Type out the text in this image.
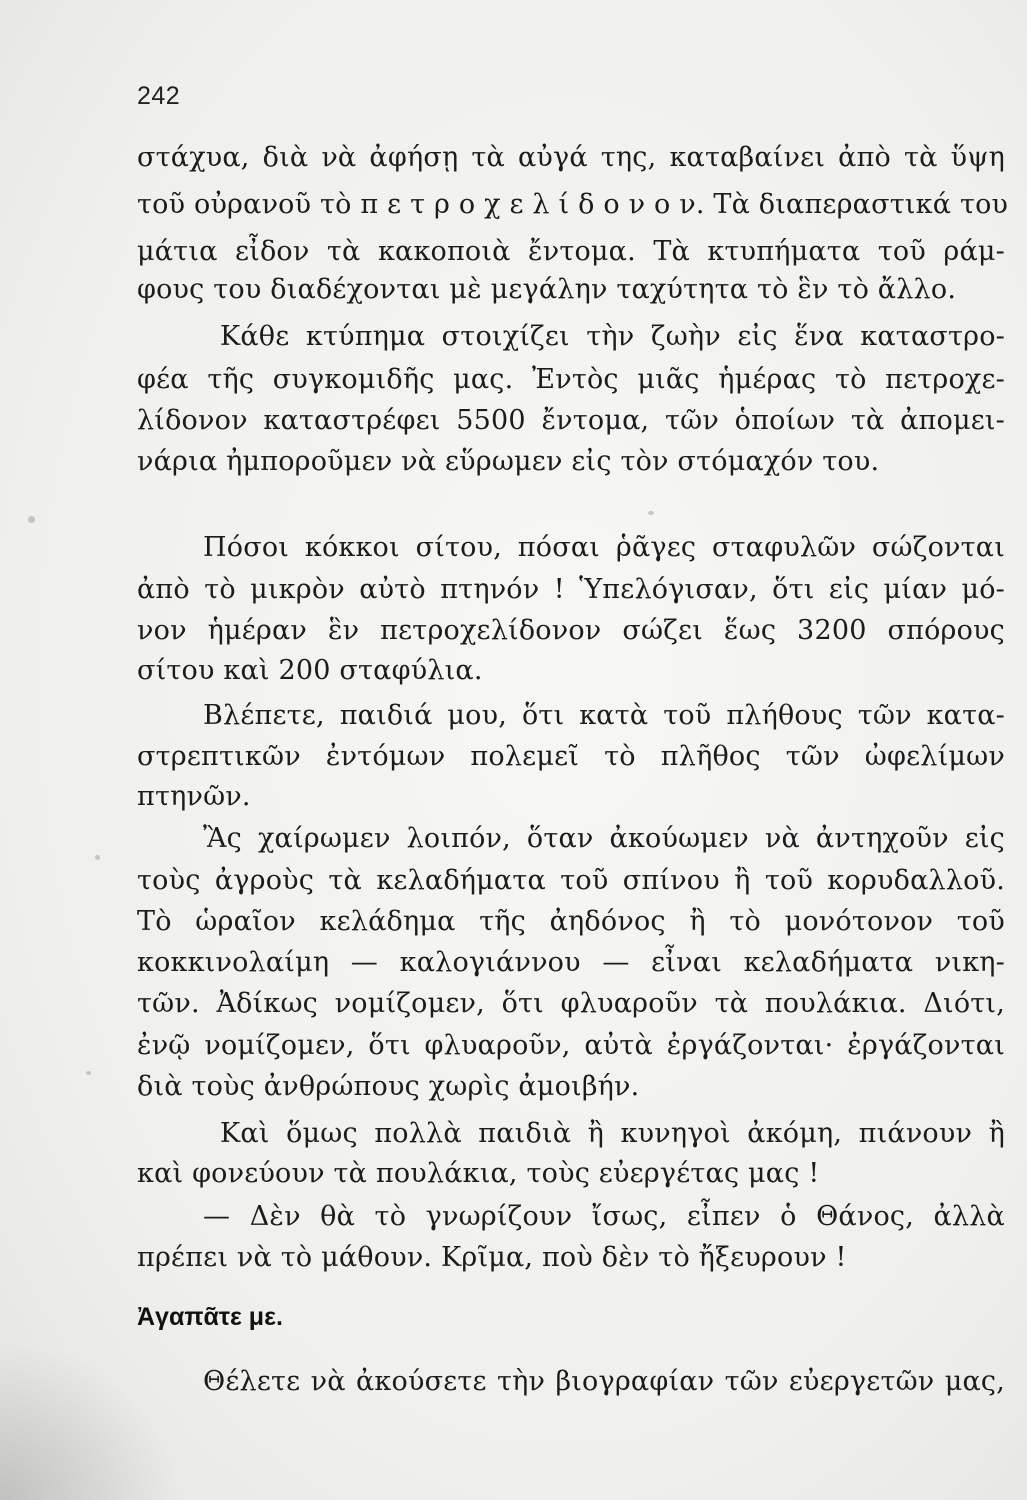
242
στάχυα, διὰ νὰ ἀφήσῃ τὰ αὐγά της, καταβαίνει ἀπὸ τὰ ὕψη
τοῦ οὐρανοῦ τὸ π ε τ ρ ο χ ε λ ί δ ο ν ο ν. Τὰ διαπεραστικά του
μάτια εἶδον τὰ κακοποιὰ ἔντομα. Τὰ κτυπήματα τοῦ ράμ-
φους του διαδέχονται μὲ μεγάλην ταχύτητα τὸ ἓν τὸ ἄλλο.
Κάθε κτύπημα στοιχίζει τὴν ζωὴν εἰς ἕνα καταστρο-
φέα τῆς συγκομιδῆς μας. Ἐντὸς μιᾶς ἡμέρας τὸ πετροχε-
λίδονον καταστρέφει 5500 ἔντομα, τῶν ὁποίων τὰ ἀπομει-
νάρια ἠμποροῦμεν νὰ εὕρωμεν εἰς τὸν στόμαχόν του.
Πόσοι κόκκοι σίτου, πόσαι ῥᾶγες σταφυλῶν σώζονται
ἀπὸ τὸ μικρὸν αὐτὸ πτηνόν ! Ὑπελόγισαν, ὅτι εἰς μίαν μό-
νον ἡμέραν ἓν πετροχελίδονον σώζει ἕως 3200 σπόρους
σίτου καὶ 200 σταφύλια.
Βλέπετε, παιδιά μου, ὅτι κατὰ τοῦ πλήθους τῶν κατα-
στρεπτικῶν ἐντόμων πολεμεῖ τὸ πλῆθος τῶν ὠφελίμων
πτηνῶν.
Ἂς χαίρωμεν λοιπόν, ὅταν ἀκούωμεν νὰ ἀντηχοῦν εἰς
τοὺς ἀγροὺς τὰ κελαδήματα τοῦ σπίνου ἢ τοῦ κορυδαλλοῦ.
Τὸ ὡραῖον κελάδημα τῆς ἀηδόνος ἢ τὸ μονότονον τοῦ
κοκκινολαίμη — καλογιάννου — εἶναι κελαδήματα νικη-
τῶν. Ἀδίκως νομίζομεν, ὅτι φλυαροῦν τὰ πουλάκια. Διότι,
ἐνῷ νομίζομεν, ὅτι φλυαροῦν, αὐτὰ ἐργάζονται· ἐργάζονται
διὰ τοὺς ἀνθρώπους χωρὶς ἀμοιβήν.
Καὶ ὅμως πολλὰ παιδιὰ ἢ κυνηγοὶ ἀκόμη, πιάνουν ἢ
καὶ φονεύουν τὰ πουλάκια, τοὺς εὐεργέτας μας !
— Δὲν θὰ τὸ γνωρίζουν ἴσως, εἶπεν ὁ Θάνος, ἀλλὰ
πρέπει νὰ τὸ μάθουν. Κρῖμα, ποὺ δὲν τὸ ἤξευρουν !
Ἀγαπᾶτε με.
Θέλετε νὰ ἀκούσετε τὴν βιογραφίαν τῶν εὐεργετῶν μας,
